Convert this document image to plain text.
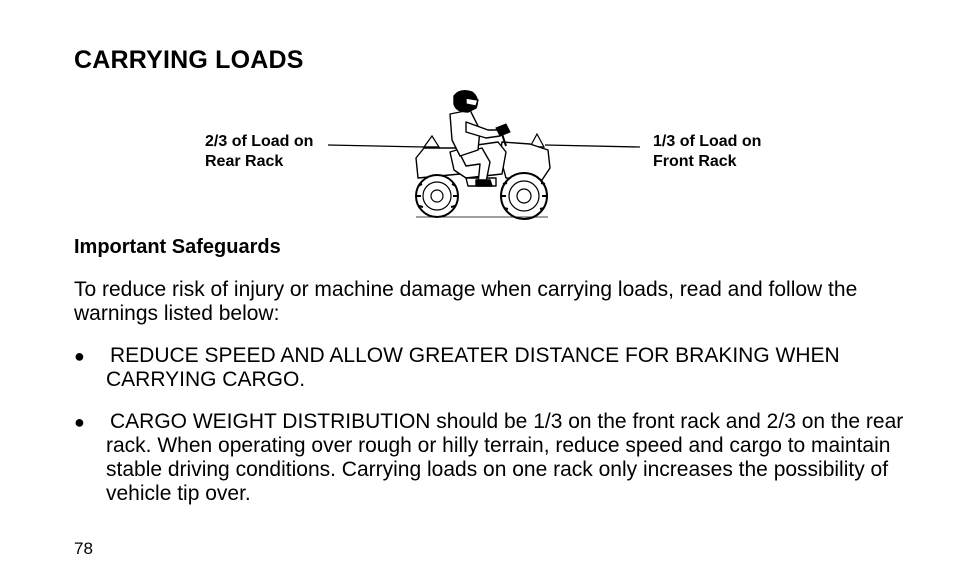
CARRYING LOADS
2/3 of Load on
Rear Rack
1/3 of Load on
Front Rack
Important Safeguards

To reduce risk of injury or machine damage when carrying loads, read and follow the warnings listed below:

● REDUCE SPEED AND ALLOW GREATER DISTANCE FOR BRAKING WHEN CARRYING CARGO.
● CARGO WEIGHT DISTRIBUTION should be 1/3 on the front rack and 2/3 on the rear rack. When operating over rough or hilly terrain, reduce speed and cargo to maintain stable driving conditions. Carrying loads on one rack only increases the possibility of vehicle tip over.
78
